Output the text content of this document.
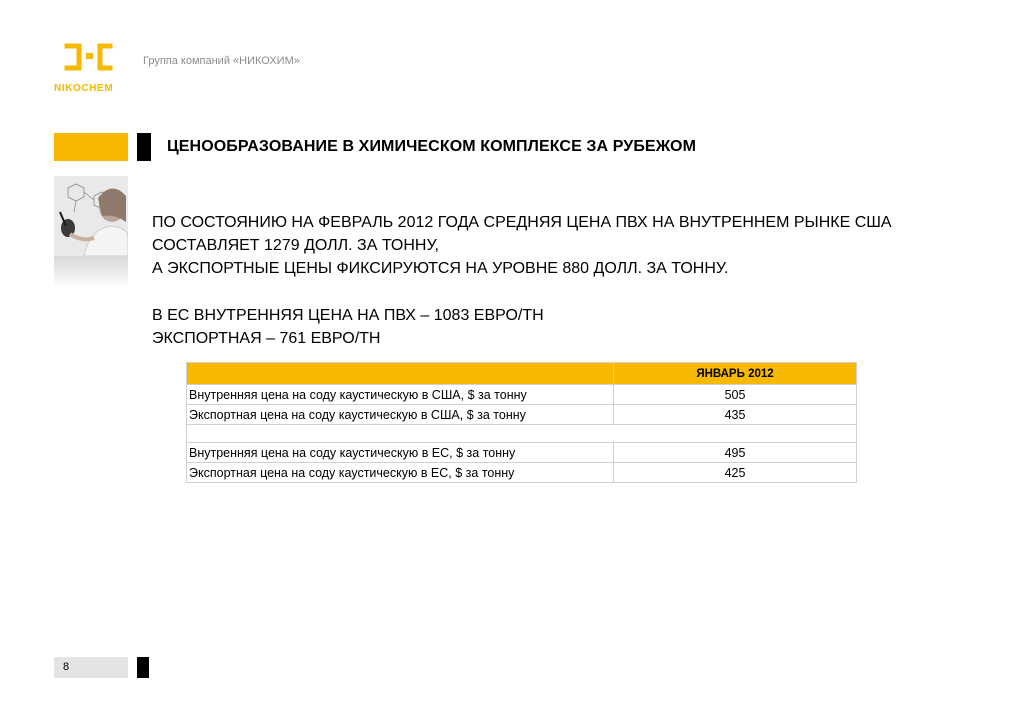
NIKOCHEM
Группа компаний «НИКОХИМ»
ЦЕНООБРАЗОВАНИЕ В ХИМИЧЕСКОМ КОМПЛЕКСЕ ЗА РУБЕЖОМ

ПО СОСТОЯНИЮ НА ФЕВРАЛЬ 2012 ГОДА СРЕДНЯЯ ЦЕНА ПВХ НА ВНУТРЕННЕМ РЫНКЕ США СОСТАВЛЯЕТ 1279 ДОЛЛ. ЗА ТОННУ,

А ЭКСПОРТНЫЕ ЦЕНЫ ФИКСИРУЮТСЯ НА УРОВНЕ 880 ДОЛЛ. ЗА ТОННУ.

В ЕС ВНУТРЕННЯЯ ЦЕНА НА ПВХ – 1083 ЕВРО/ТН

ЭКСПОРТНАЯ – 761 ЕВРО/ТН

	ЯНВАРЬ 2012
Внутренняя цена на соду каустическую в США, $ за тонну	505
Экспортная цена на соду каустическую в США, $ за тонну	435

Внутренняя цена на соду каустическую в ЕС, $ за тонну	495
Экспортная цена на соду каустическую в ЕС, $ за тонну	425
8
